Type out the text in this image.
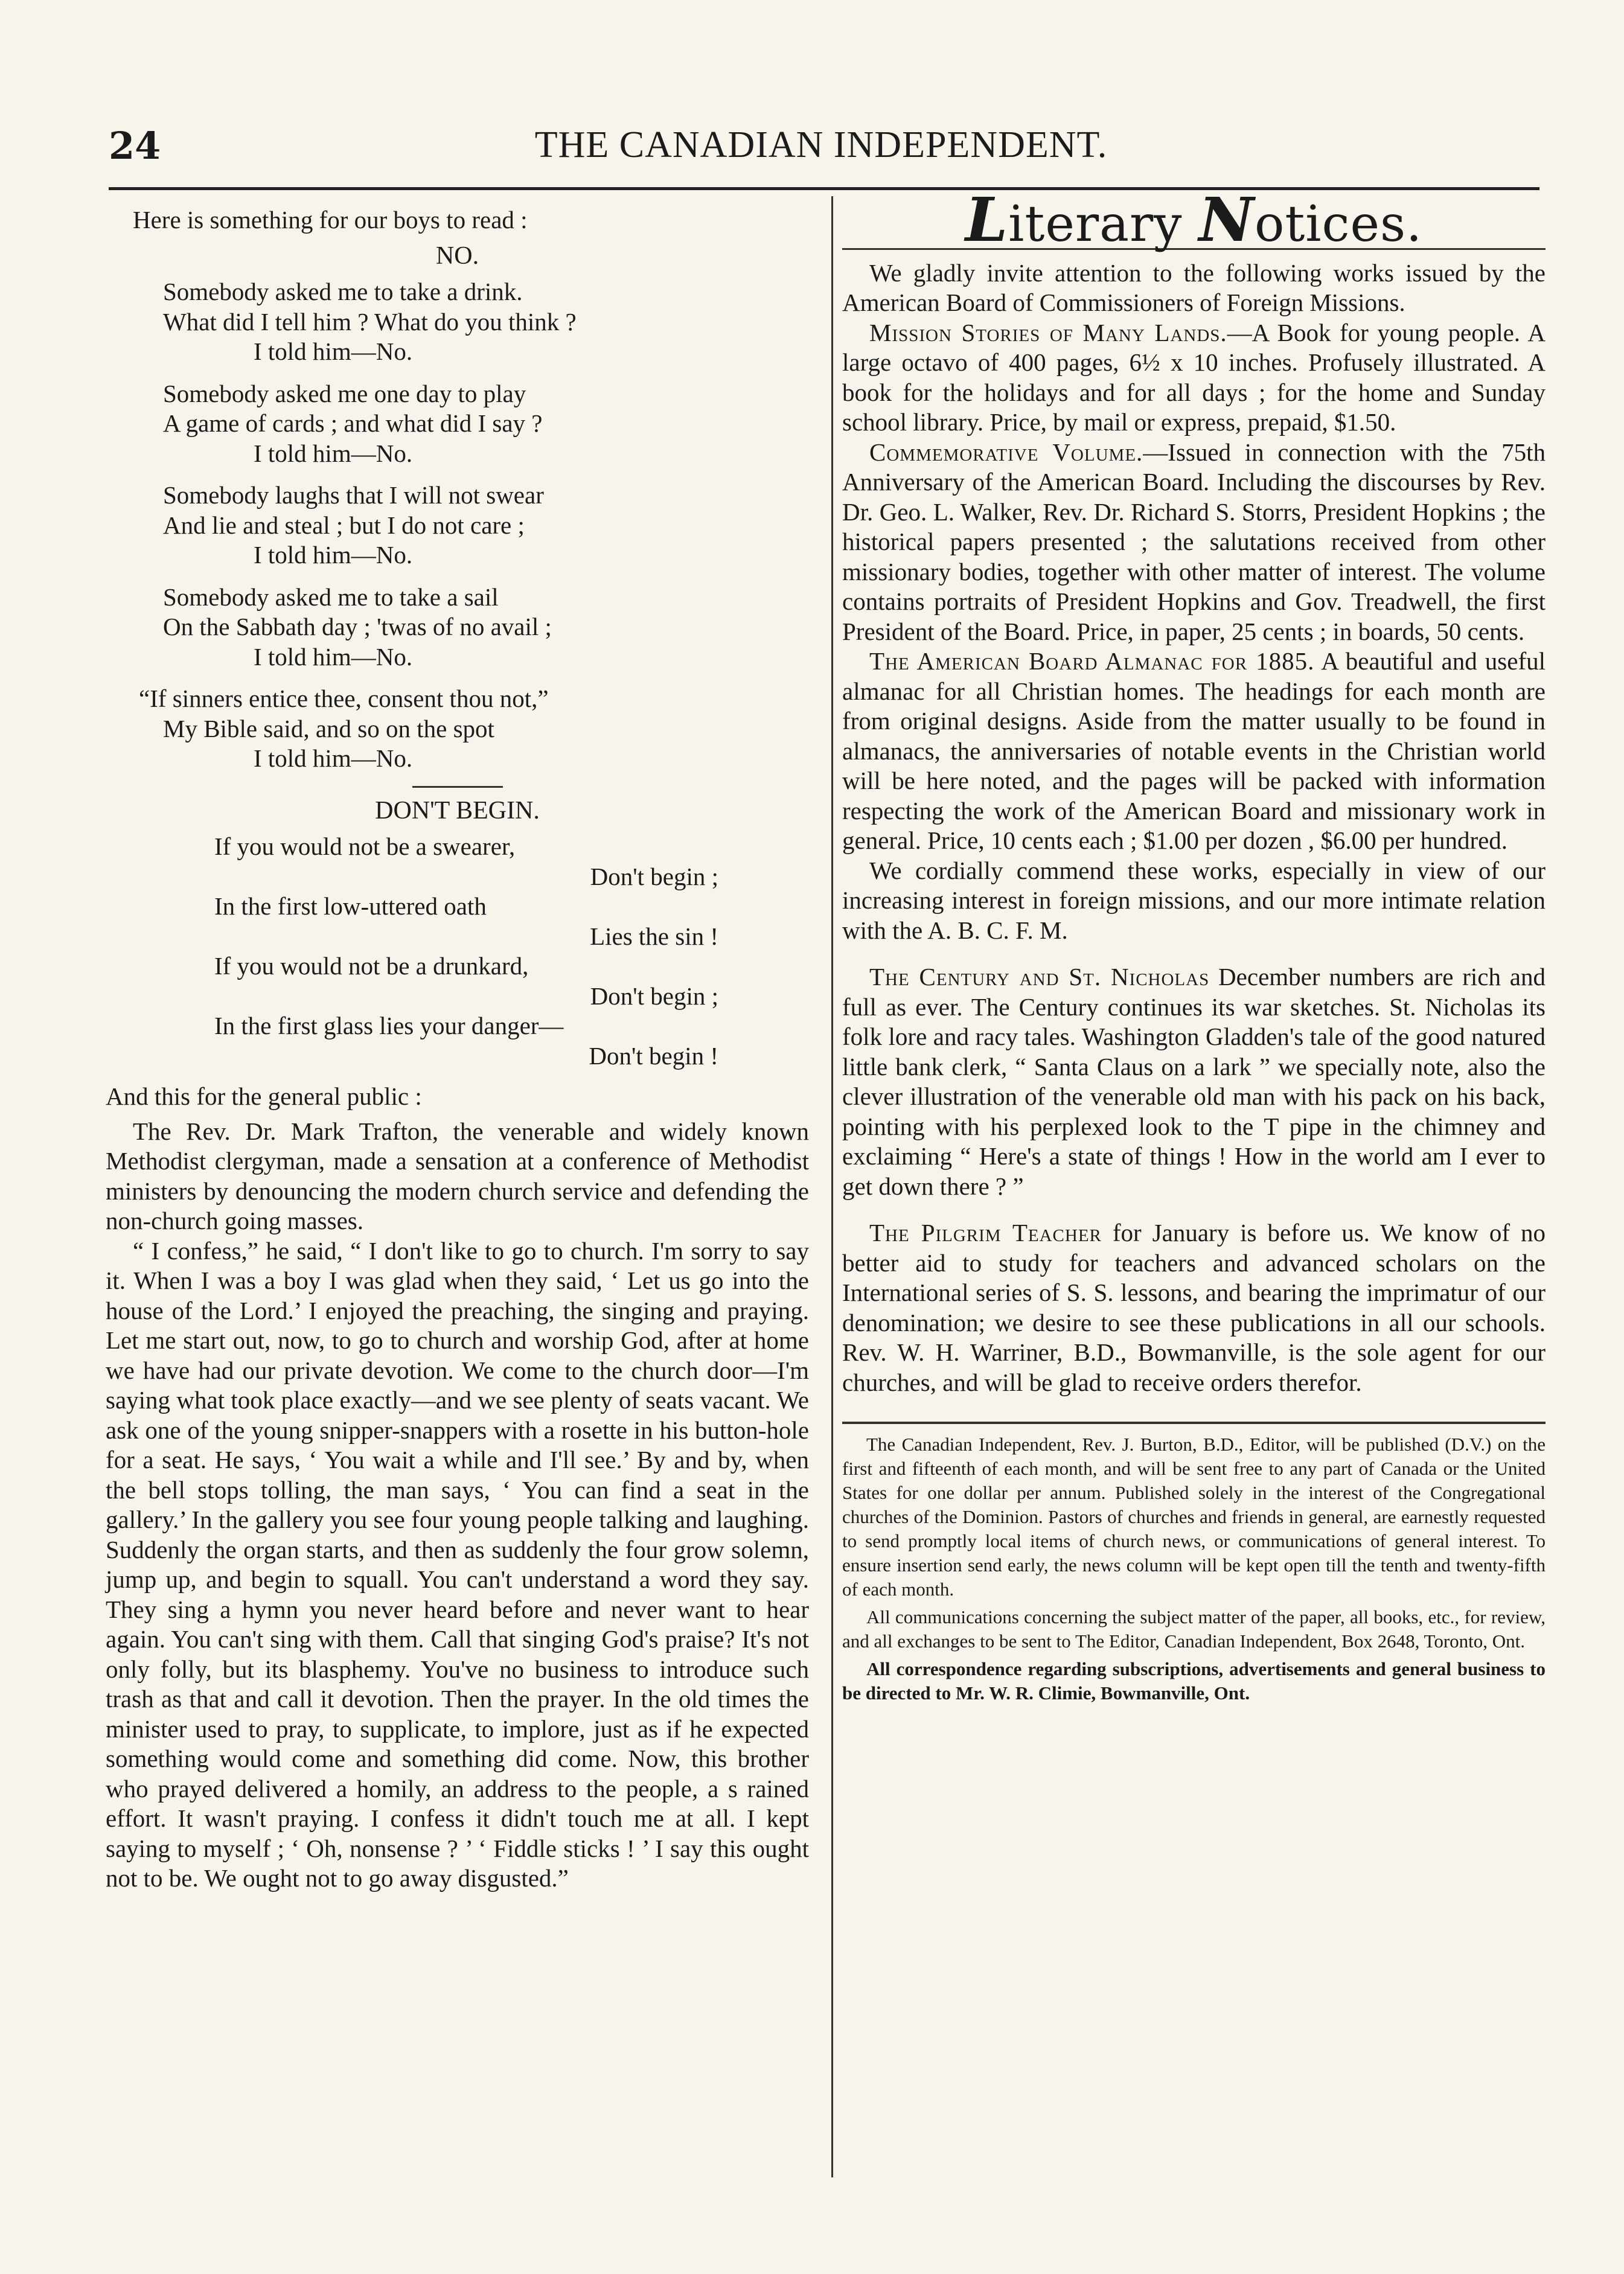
24	THE CANADIAN INDEPENDENT.

Here is something for our boys to read :

NO.
Somebody asked me to take a drink.
What did I tell him ? What do you think ?
I told him—No.
Somebody asked me one day to play
A game of cards ; and what did I say ?
I told him—No.
Somebody laughs that I will not swear
And lie and steal ; but I do not care ;
I told him—No.
Somebody asked me to take a sail
On the Sabbath day ; 'twas of no avail ;
I told him—No.
“If sinners entice thee, consent thou not,”
My Bible said, and so on the spot
I told him—No.
DON'T BEGIN.
If you would not be a swearer,
Don't begin ;
In the first low-uttered oath
Lies the sin !
If you would not be a drunkard,
Don't begin ;
In the first glass lies your danger—
Don't begin !

And this for the general public :

The Rev. Dr. Mark Trafton, the venerable and widely known Methodist clergyman, made a sensation at a conference of Methodist ministers by denouncing the modern church service and defending the non-church going masses.

“ I confess,” he said, “ I don't like to go to church. I'm sorry to say it. When I was a boy I was glad when they said, ‘ Let us go into the house of the Lord.’ I enjoyed the preaching, the singing and praying. Let me start out, now, to go to church and worship God, after at home we have had our private devotion. We come to the church door—I'm saying what took place exactly—and we see plenty of seats vacant. We ask one of the young snipper-snappers with a rosette in his button-hole for a seat. He says, ‘ You wait a while and I'll see.’ By and by, when the bell stops tolling, the man says, ‘ You can find a seat in the gallery.’ In the gallery you see four young people talking and laughing. Suddenly the organ starts, and then as suddenly the four grow solemn, jump up, and begin to squall. You can't understand a word they say. They sing a hymn you never heard before and never want to hear again. You can't sing with them. Call that singing God's praise? It's not only folly, but its blasphemy. You've no business to introduce such trash as that and call it devotion. Then the prayer. In the old times the minister used to pray, to supplicate, to implore, just as if he expected something would come and something did come. Now, this brother who prayed delivered a homily, an address to the people, a s rained effort. It wasn't praying. I confess it didn't touch me at all. I kept saying to myself ; ‘ Oh, nonsense ? ’ ‘ Fiddle sticks ! ’ I say this ought not to be. We ought not to go away disgusted.”

Literary Notices.

We gladly invite attention to the following works issued by the American Board of Commissioners of Foreign Missions.

Mission Stories of Many Lands.—A Book for young people. A large octavo of 400 pages, 6½ x 10 inches. Profusely illustrated. A book for the holidays and for all days ; for the home and Sunday school library. Price, by mail or express, prepaid, $1.50.

Commemorative Volume.—Issued in connection with the 75th Anniversary of the American Board. Including the discourses by Rev. Dr. Geo. L. Walker, Rev. Dr. Richard S. Storrs, President Hopkins ; the historical papers presented ; the salutations received from other missionary bodies, together with other matter of interest. The volume contains portraits of President Hopkins and Gov. Treadwell, the first President of the Board. Price, in paper, 25 cents ; in boards, 50 cents.

The American Board Almanac for 1885. A beautiful and useful almanac for all Christian homes. The headings for each month are from original designs. Aside from the matter usually to be found in almanacs, the anniversaries of notable events in the Christian world will be here noted, and the pages will be packed with information respecting the work of the American Board and missionary work in general. Price, 10 cents each ; $1.00 per dozen , $6.00 per hundred.

We cordially commend these works, especially in view of our increasing interest in foreign missions, and our more intimate relation with the A. B. C. F. M.

The Century and St. Nicholas December numbers are rich and full as ever. The Century continues its war sketches. St. Nicholas its folk lore and racy tales. Washington Gladden's tale of the good natured little bank clerk, “ Santa Claus on a lark ” we specially note, also the clever illustration of the venerable old man with his pack on his back, pointing with his perplexed look to the T pipe in the chimney and exclaiming “ Here's a state of things ! How in the world am I ever to get down there ? ”

The Pilgrim Teacher for January is before us. We know of no better aid to study for teachers and advanced scholars on the International series of S. S. lessons, and bearing the imprimatur of our denomination; we desire to see these publications in all our schools. Rev. W. H. Warriner, B.D., Bowmanville, is the sole agent for our churches, and will be glad to receive orders therefor.

The Canadian Independent, Rev. J. Burton, B.D., Editor, will be published (D.V.) on the first and fifteenth of each month, and will be sent free to any part of Canada or the United States for one dollar per annum. Published solely in the interest of the Congregational churches of the Dominion. Pastors of churches and friends in general, are earnestly requested to send promptly local items of church news, or communications of general interest. To ensure insertion send early, the news column will be kept open till the tenth and twenty-fifth of each month.

All communications concerning the subject matter of the paper, all books, etc., for review, and all exchanges to be sent to The Editor, Canadian Independent, Box 2648, Toronto, Ont.

All correspondence regarding subscriptions, advertisements and general business to be directed to Mr. W. R. Climie, Bowmanville, Ont.
